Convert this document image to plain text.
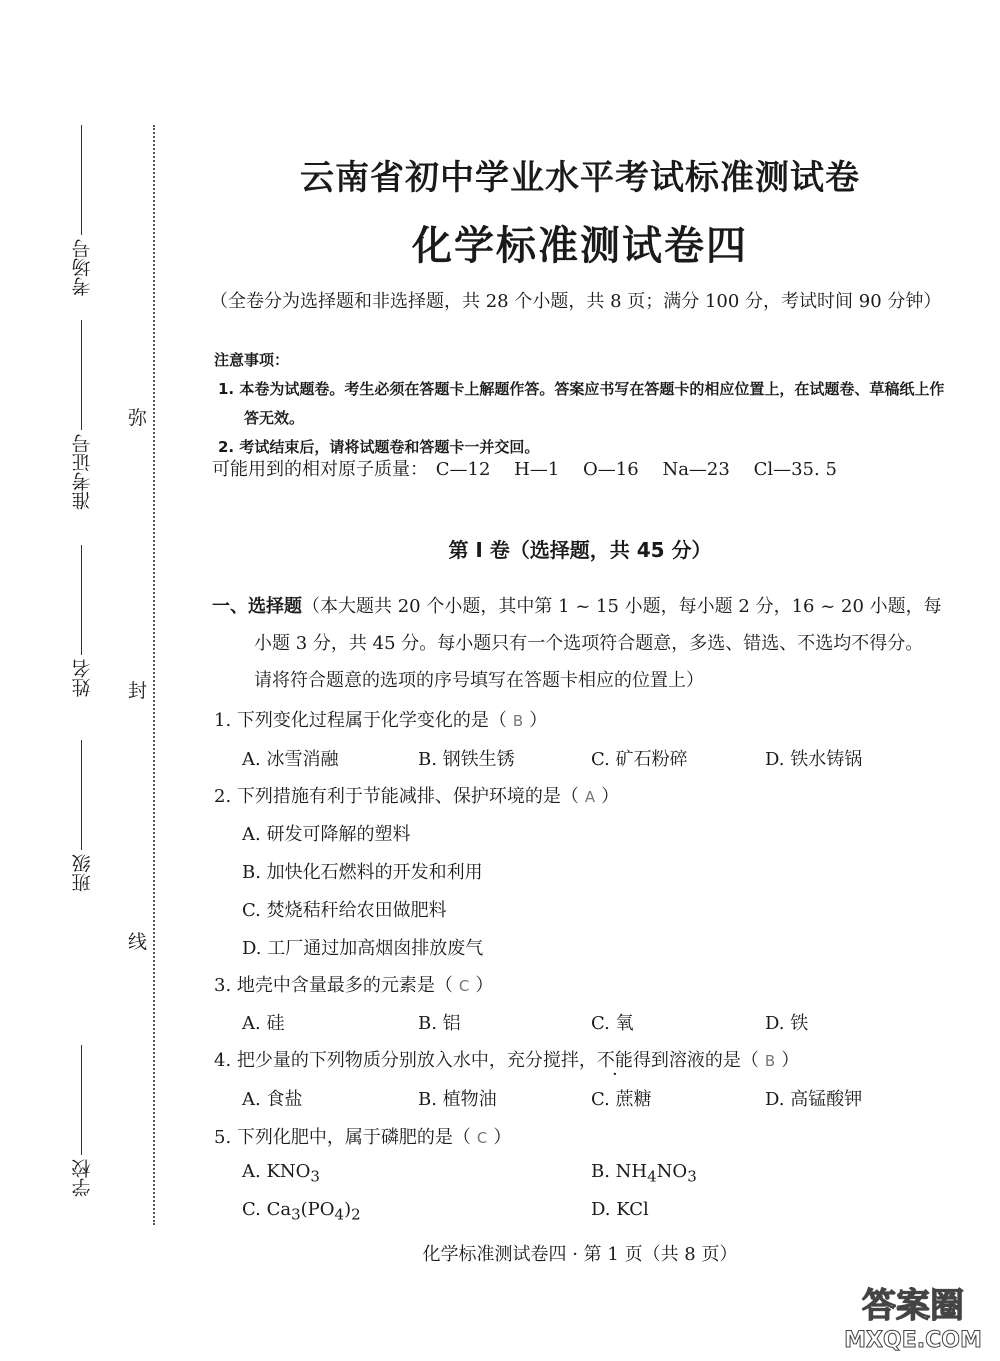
考场号
准考证号
姓名
班级
学校
弥
封
线
云南省初中学业水平考试标准测试卷
化学标准测试卷四
（全卷分为选择题和非选择题，共 28 个小题，共 8 页；满分 100 分，考试时间 90 分钟）
注意事项：
1. 本卷为试题卷。考生必须在答题卡上解题作答。答案应书写在答题卡的相应位置上，在试题卷、草稿纸上作答无效。
2. 考试结束后，请将试题卷和答题卡一并交回。
可能用到的相对原子质量： C—12 H—1 O—16 Na—23 Cl—35. 5
第 Ⅰ 卷（选择题，共 45 分）
一、选择题（本大题共 20 个小题，其中第 1 ~ 15 小题，每小题 2 分，16 ~ 20 小题，每
小题 3 分，共 45 分。每小题只有一个选项符合题意，多选、错选、不选均不得分。
请将符合题意的选项的序号填写在答题卡相应的位置上）
1. 下列变化过程属于化学变化的是（ B ）
A. 冰雪消融	B. 钢铁生锈	C. 矿石粉碎	D. 铁水铸锅
2. 下列措施有利于节能减排、保护环境的是（ A ）
A. 研发可降解的塑料
B. 加快化石燃料的开发和利用
C. 焚烧秸秆给农田做肥料
D. 工厂通过加高烟囱排放废气
3. 地壳中含量最多的元素是（ C ）
A. 硅	B. 铝	C. 氧	D. 铁
4. 把少量的下列物质分别放入水中，充分搅拌，不能得到溶液的是（ B ）
A. 食盐	B. 植物油	C. 蔗糖	D. 高锰酸钾
5. 下列化肥中，属于磷肥的是（ C ）
A. $KNO_3$	B. $NH_4NO_3$
C. $Ca_3(PO_4)_2$	D. KCl
化学标准测试卷四 · 第 1 页（共 8 页）
答案圈
MXQE.COM
